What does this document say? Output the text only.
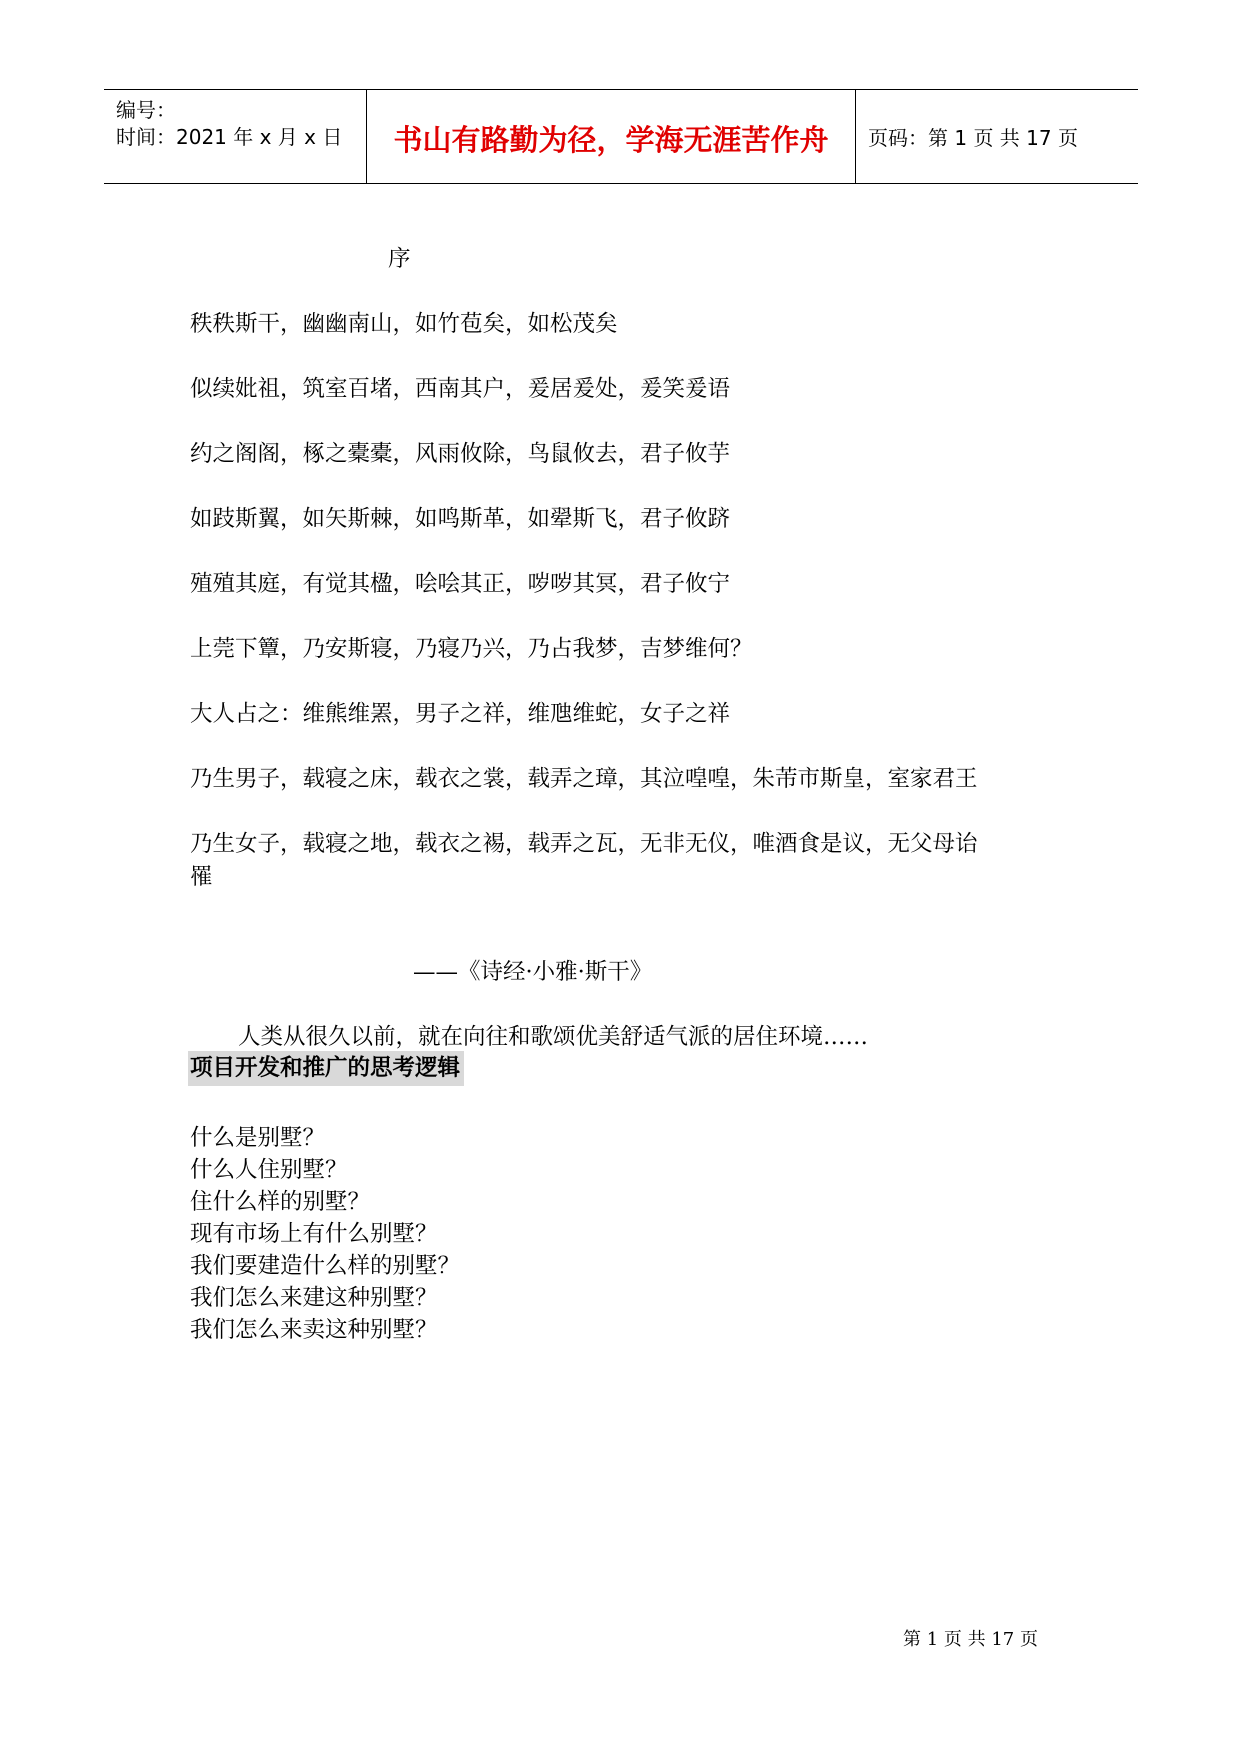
编号：
时间：2021 年 x 月 x 日	书山有路勤为径，学海无涯苦作舟	页码：第 1 页 共 17 页
序
秩秩斯干，幽幽南山，如竹苞矣，如松茂矣
似续妣祖，筑室百堵，西南其户，爰居爰处，爰笑爰语
约之阁阁，椓之橐橐，风雨攸除，鸟鼠攸去，君子攸芋
如跂斯翼，如矢斯棘，如鸣斯革，如翚斯飞，君子攸跻
殖殖其庭，有觉其楹，哙哙其正，哕哕其冥，君子攸宁
上莞下簟，乃安斯寝，乃寝乃兴，乃占我梦，吉梦维何？
大人占之：维熊维罴，男子之祥，维虺维蛇，女子之祥
乃生男子，载寝之床，载衣之裳，载弄之璋，其泣喤喤，朱芾市斯皇，室家君王
乃生女子，载寝之地，载衣之裼，载弄之瓦，无非无仪，唯酒食是议，无父母诒
罹
——《诗经·小雅·斯干》
人类从很久以前，就在向往和歌颂优美舒适气派的居住环境……
项目开发和推广的思考逻辑
什么是别墅？
什么人住别墅？
住什么样的别墅？
现有市场上有什么别墅？
我们要建造什么样的别墅？
我们怎么来建这种别墅？
我们怎么来卖这种别墅？
第 1 页 共 17 页
